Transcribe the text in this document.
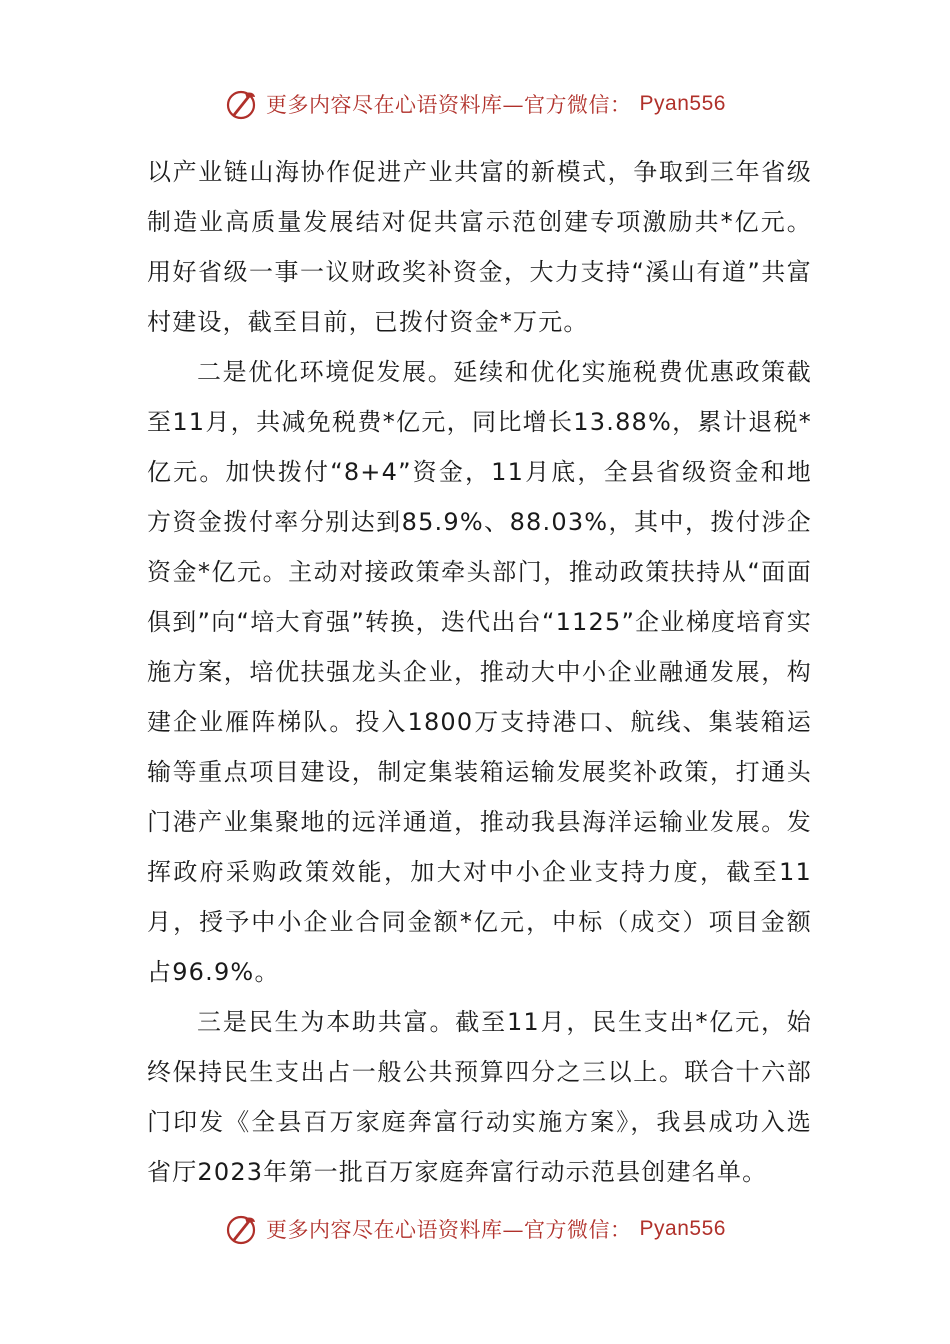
更多内容尽在心语资料库—官方微信： Pyan556

以产业链山海协作促进产业共富的新模式，争取到三年省级制造业高质量发展结对促共富示范创建专项激励共*亿元。用好省级一事一议财政奖补资金，大力支持“溪山有道”共富村建设，截至目前，已拨付资金*万元。

二是优化环境促发展。延续和优化实施税费优惠政策截至11月，共减免税费*亿元，同比增长13.88%，累计退税*亿元。加快拨付“8+4”资金，11月底，全县省级资金和地方资金拨付率分别达到85.9%、88.03%，其中，拨付涉企资金*亿元。主动对接政策牵头部门，推动政策扶持从“面面俱到”向“培大育强”转换，迭代出台“1125”企业梯度培育实施方案，培优扶强龙头企业，推动大中小企业融通发展，构建企业雁阵梯队。投入1800万支持港口、航线、集装箱运输等重点项目建设，制定集装箱运输发展奖补政策，打通头门港产业集聚地的远洋通道，推动我县海洋运输业发展。发挥政府采购政策效能，加大对中小企业支持力度，截至11月，授予中小企业合同金额*亿元，中标（成交）项目金额占96.9%。

三是民生为本助共富。截至11月，民生支出*亿元，始终保持民生支出占一般公共预算四分之三以上。联合十六部门印发《全县百万家庭奔富行动实施方案》，我县成功入选省厅2023年第一批百万家庭奔富行动示范县创建名单。

更多内容尽在心语资料库—官方微信： Pyan556
